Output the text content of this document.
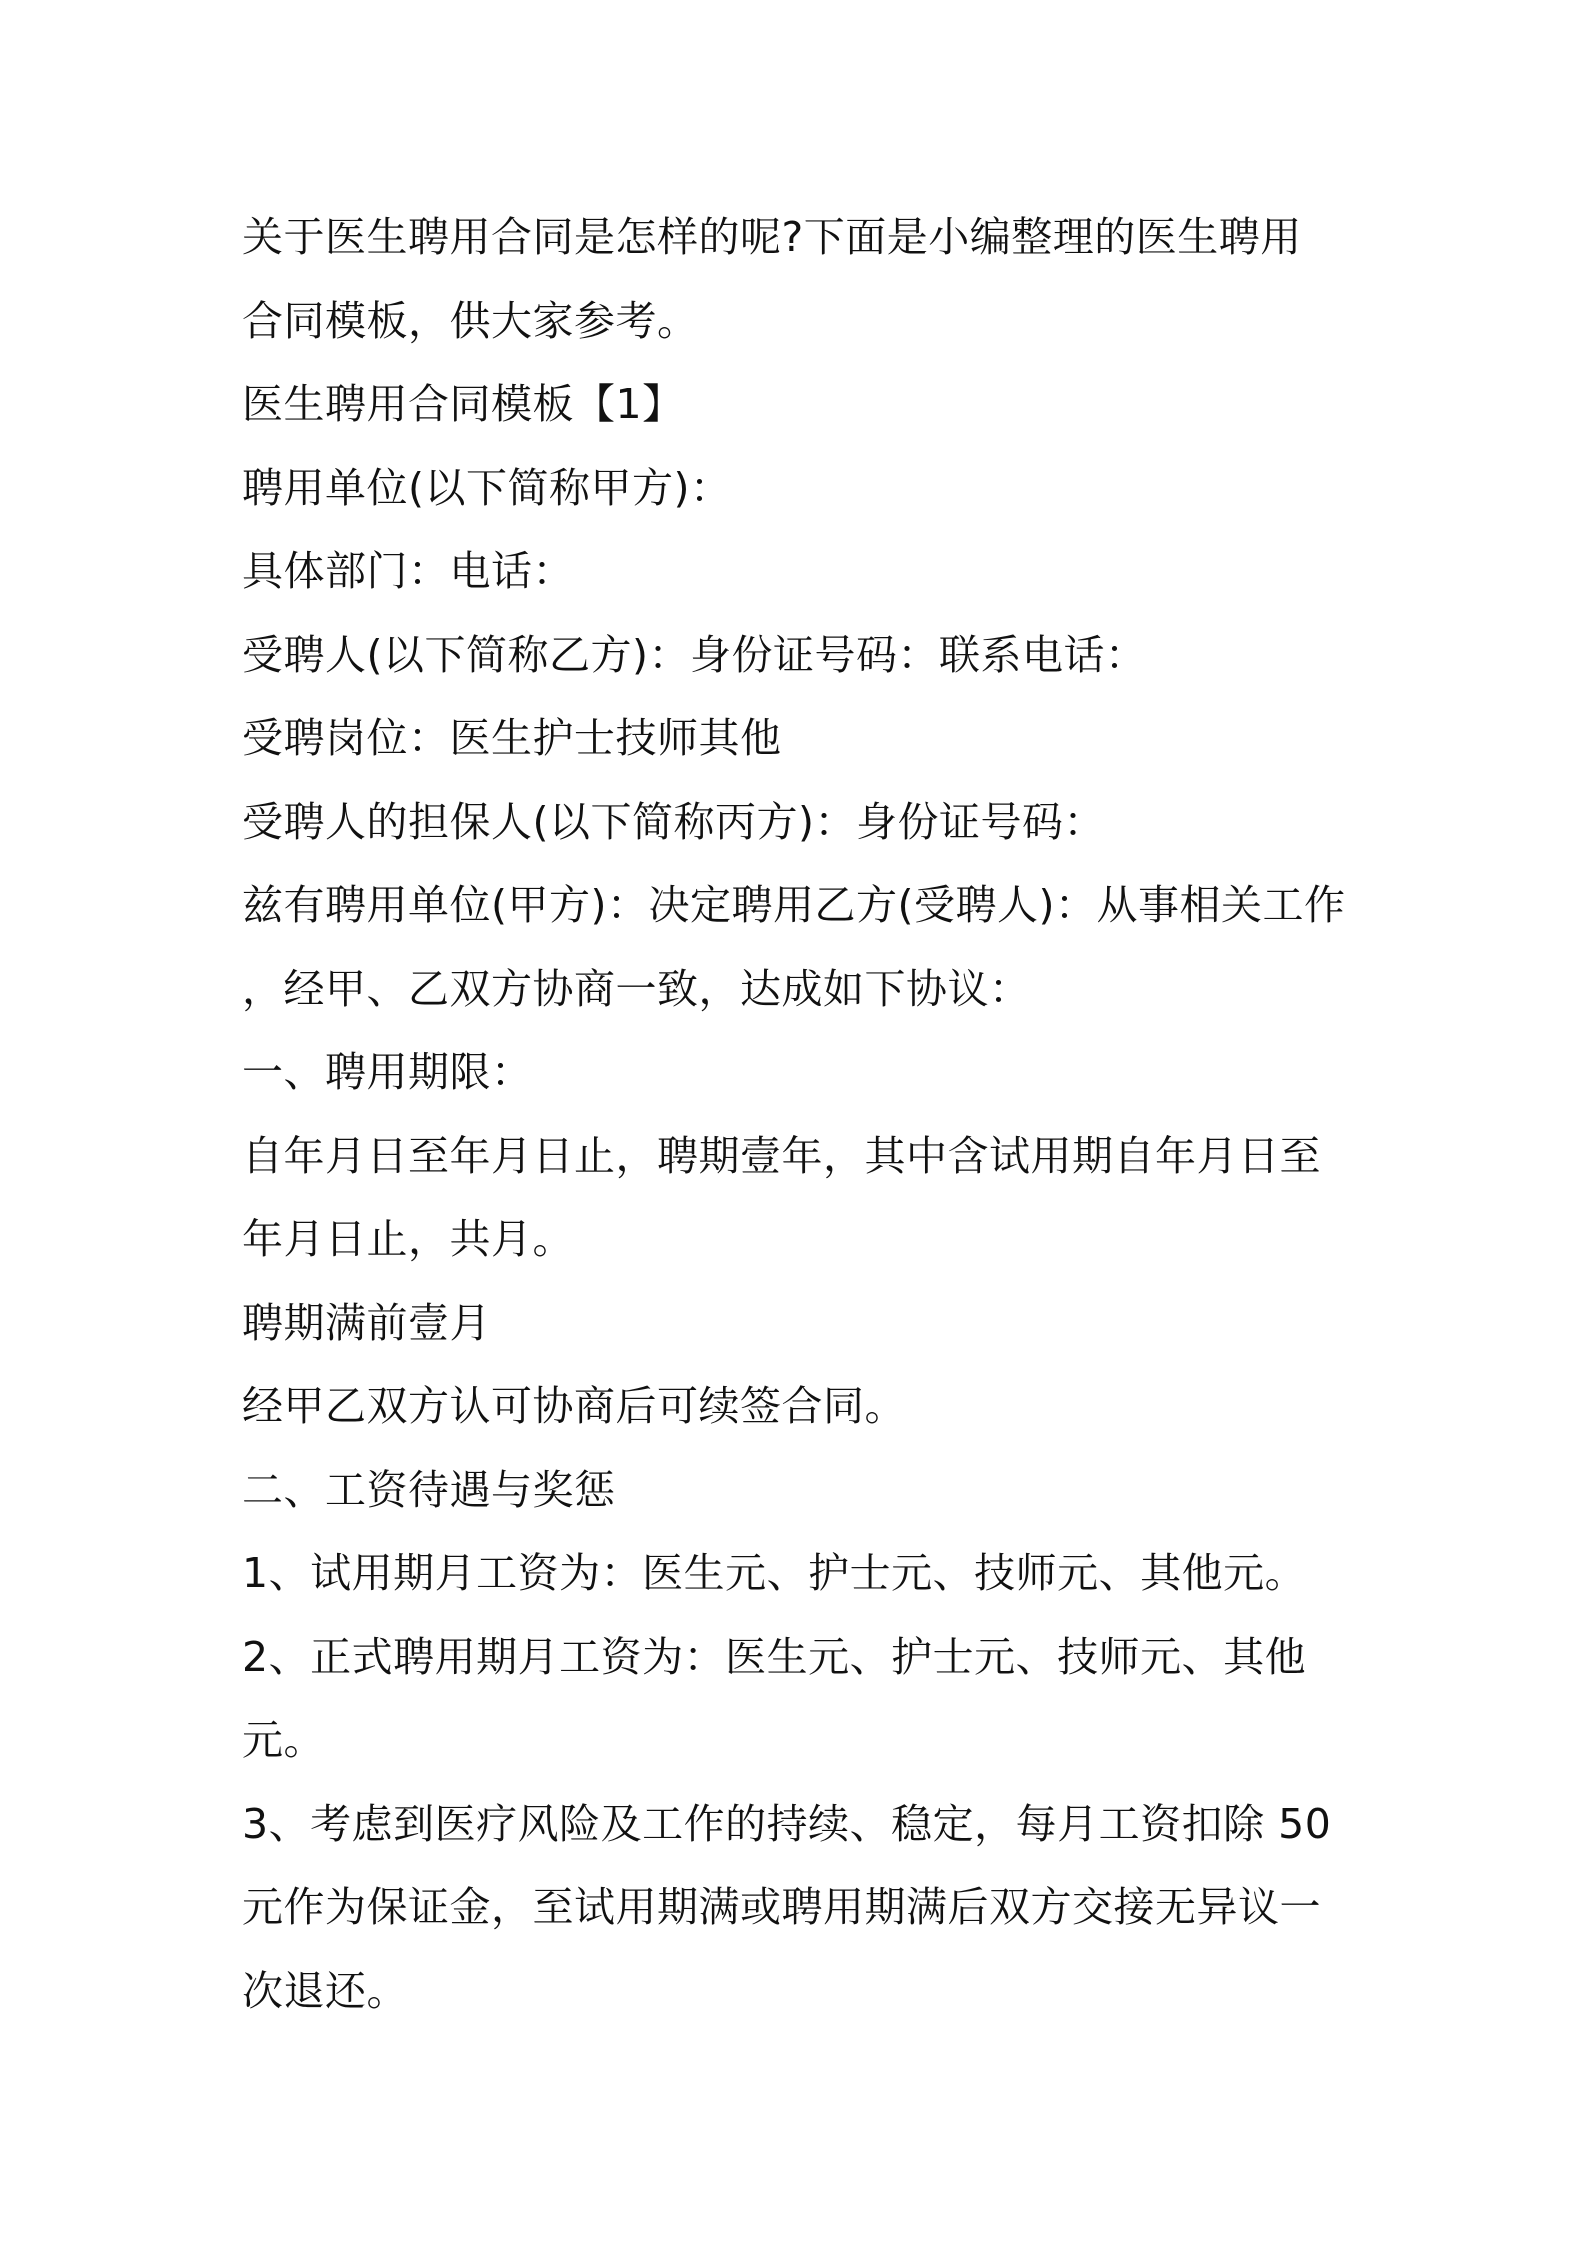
关于医生聘用合同是怎样的呢?下面是小编整理的医生聘用
合同模板，供大家参考。
医生聘用合同模板【1】
聘用单位(以下简称甲方)：
具体部门：电话：
受聘人(以下简称乙方)：身份证号码：联系电话：
受聘岗位：医生护士技师其他
受聘人的担保人(以下简称丙方)：身份证号码：
兹有聘用单位(甲方)：决定聘用乙方(受聘人)：从事相关工作
，经甲、乙双方协商一致，达成如下协议：
一、聘用期限：
自年月日至年月日止，聘期壹年，其中含试用期自年月日至
年月日止，共月。
聘期满前壹月
经甲乙双方认可协商后可续签合同。
二、工资待遇与奖惩
1、试用期月工资为：医生元、护士元、技师元、其他元。
2、正式聘用期月工资为：医生元、护士元、技师元、其他
元。
3、考虑到医疗风险及工作的持续、稳定，每月工资扣除 50
元作为保证金，至试用期满或聘用期满后双方交接无异议一
次退还。
